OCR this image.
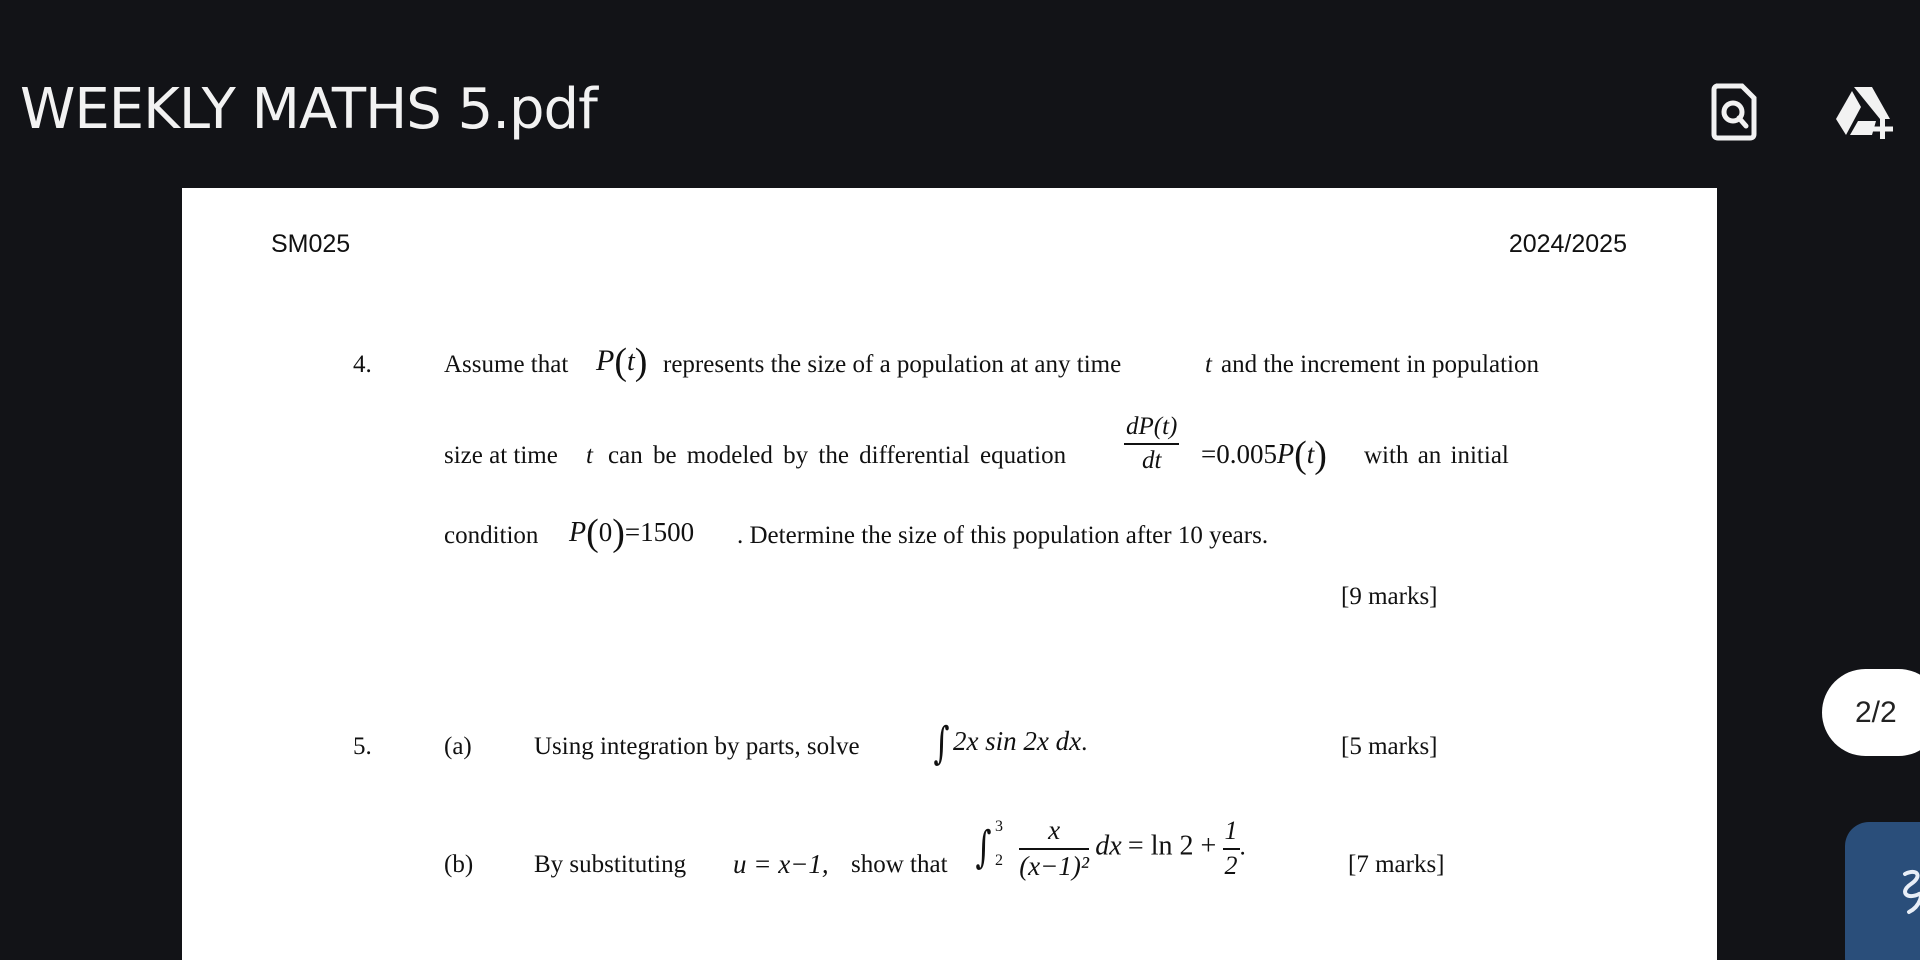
WEEKLY MATHS 5.pdf
SM025	2024/2025
4.	Assume that P(t) represents the size of a population at any time	t and the increment in population
size at time t can be modeled by the differential equation $\frac{dP(t)}{dt} =0.005P(t)$ with an initial
condition P(0)=1500 . Determine the size of this population after 10 years.
[9 marks]
5.	(a) Using integration by parts, solve ∫ 2x sin 2x dx.	[5 marks]
(b) By substituting u = x−1, show that ∫ 3
2
$\frac{x}{\text{(x−1)²}}$ dx = $\ln 2 + \frac{1}{2}$ .
[7 marks]
2/2
